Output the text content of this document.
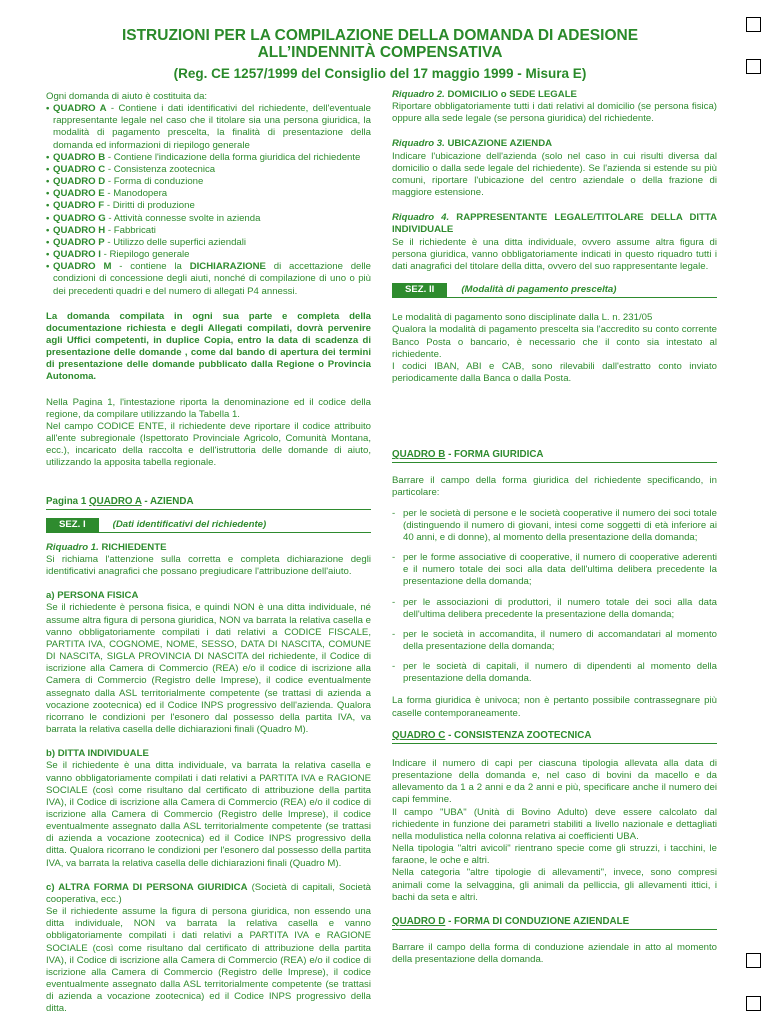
ISTRUZIONI PER LA COMPILAZIONE DELLA DOMANDA DI ADESIONE
ALL’INDENNITÀ COMPENSATIVA
(Reg. CE 1257/1999 del Consiglio del 17 maggio 1999 - Misura E)

Ogni domanda di aiuto è costituita da:

• QUADRO A - Contiene i dati identificativi del richiedente, dell'eventuale rappresentante legale nel caso che il titolare sia una persona giuridica, la modalità di pagamento prescelta, la finalità di presentazione della domanda ed informazioni di riepilogo generale
• QUADRO B - Contiene l'indicazione della forma giuridica del richiedente
• QUADRO C - Consistenza zootecnica
• QUADRO D - Forma di conduzione
• QUADRO E - Manodopera
• QUADRO F - Diritti di produzione
• QUADRO G - Attività connesse svolte in azienda
• QUADRO H - Fabbricati
• QUADRO P - Utilizzo delle superfici aziendali
• QUADRO I - Riepilogo generale
• QUADRO M - contiene la DICHIARAZIONE di accettazione delle condizioni di concessione degli aiuti, nonché di compilazione di uno o più dei precedenti quadri e del numero di allegati P4 annessi.

La domanda compilata in ogni sua parte e completa della documentazione richiesta e degli Allegati compilati, dovrà pervenire agli Uffici competenti, in duplice Copia, entro la data di scadenza di presentazione delle domande , come dal bando di apertura dei termini di presentazione delle domande pubblicato dalla Regione o Provincia Autonoma.

Nella Pagina 1, l'intestazione riporta la denominazione ed il codice della regione, da compilare utilizzando la Tabella 1.

Nel campo CODICE ENTE, il richiedente deve riportare il codice attribuito all'ente subregionale (Ispettorato Provinciale Agricolo, Comunità Montana, ecc.), incaricato della raccolta e dell'istruttoria delle domande di aiuto, utilizzando la apposita tabella regionale.

Pagina 1 QUADRO A - AZIENDA

SEZ. I	(Dati identificativi del richiedente)

Riquadro 1. RICHIEDENTE

Si richiama l'attenzione sulla corretta e completa dichiarazione degli identificativi anagrafici che possano pregiudicare l'attribuzione dell'aiuto.

a) PERSONA FISICA

Se il richiedente è persona fisica, e quindi NON è una ditta individuale, né assume altra figura di persona giuridica, NON va barrata la relativa casella e vanno obbligatoriamente compilati i dati relativi a CODICE FISCALE, PARTITA IVA, COGNOME, NOME, SESSO, DATA DI NASCITA, COMUNE DI NASCITA, SIGLA PROVINCIA DI NASCITA del richiedente, il Codice di iscrizione alla Camera di Commercio (REA) e/o il codice di iscrizione alla Camera di Commercio (Registro delle Imprese), il codice eventualmente assegnato dalla ASL territorialmente competente (se trattasi di azienda a vocazione zootecnica) ed il Codice INPS progressivo dell'azienda. Qualora ricorrano le condizioni per l'esonero dal possesso della partita IVA, va barrata la relativa casella delle dichiarazioni finali (Quadro M).

b) DITTA INDIVIDUALE

Se il richiedente è una ditta individuale, va barrata la relativa casella e vanno obbligatoriamente compilati i dati relativi a PARTITA IVA e RAGIONE SOCIALE (così come risultano dal certificato di attribuzione della partita IVA), il Codice di iscrizione alla Camera di Commercio (REA) e/o il codice di iscrizione alla Camera di Commercio (Registro delle Imprese), il codice eventualmente assegnato dalla ASL territorialmente competente (se trattasi di azienda a vocazione zootecnica) ed il Codice INPS progressivo della ditta. Qualora ricorrano le condizioni per l'esonero dal possesso della partita IVA, va barrata la relativa casella delle dichiarazioni finali (Quadro M).

c) ALTRA FORMA DI PERSONA GIURIDICA (Società di capitali, Società cooperativa, ecc.)

Se il richiedente assume la figura di persona giuridica, non essendo una ditta individuale, NON va barrata la relativa casella e vanno obbligatoriamente compilati i dati relativi a PARTITA IVA e RAGIONE SOCIALE (così come risultano dal certificato di attribuzione della partita IVA), il Codice di iscrizione alla Camera di Commercio (REA) e/o il codice di iscrizione alla Camera di Commercio (Registro delle Imprese), il codice eventualmente assegnato dalla ASL territorialmente competente (se trattasi di azienda a vocazione zootecnica) ed il Codice INPS progressivo della ditta.

Riquadro 2. DOMICILIO o SEDE LEGALE

Riportare obbligatoriamente tutti i dati relativi al domicilio (se persona fisica) oppure alla sede legale (se persona giuridica) del richiedente.

Riquadro 3. UBICAZIONE AZIENDA

Indicare l'ubicazione dell'azienda (solo nel caso in cui risulti diversa dal domicilio o dalla sede legale del richiedente). Se l'azienda si estende su più comuni, riportare l'ubicazione del centro aziendale o della frazione di maggiore estensione.

Riquadro 4. RAPPRESENTANTE LEGALE/TITOLARE DELLA DITTA INDIVIDUALE

Se il richiedente è una ditta individuale, ovvero assume altra figura di persona giuridica, vanno obbligatoriamente indicati in questo riquadro tutti i dati anagrafici del titolare della ditta, ovvero del suo rappresentante legale.

SEZ. II	(Modalità di pagamento prescelta)

Le modalità di pagamento sono disciplinate dalla L. n. 231/05

Qualora la modalità di pagamento prescelta sia l'accredito su conto corrente Banco Posta o bancario, è necessario che il conto sia intestato al richiedente.

I codici IBAN, ABI e CAB, sono rilevabili dall'estratto conto inviato periodicamente dalla Banca o dalla Posta.

QUADRO B - FORMA GIURIDICA

Barrare il campo della forma giuridica del richiedente specificando, in particolare:

- per le società di persone e le società cooperative il numero dei soci totale (distinguendo il numero di giovani, intesi come soggetti di età inferiore ai 40 anni, e di donne), al momento della presentazione della domanda;
- per le forme associative di cooperative, il numero di cooperative aderenti e il numero totale dei soci alla data dell'ultima delibera precedente la presentazione della domanda;
- per le associazioni di produttori, il numero totale dei soci alla data dell'ultima delibera precedente la presentazione della domanda;
- per le società in accomandita, il numero di accomandatari al momento della presentazione della domanda;
- per le società di capitali, il numero di dipendenti al momento della presentazione della domanda.

La forma giuridica è univoca; non è pertanto possibile contrassegnare più caselle contemporaneamente.

QUADRO C - CONSISTENZA ZOOTECNICA

Indicare il numero di capi per ciascuna tipologia allevata alla data di presentazione della domanda e, nel caso di bovini da macello e da allevamento da 1 a 2 anni e da 2 anni e più, specificare anche il numero dei capi femmine.

Il campo "UBA" (Unità di Bovino Adulto) deve essere calcolato dal richiedente in funzione dei parametri stabiliti a livello nazionale e dettagliati nella modulistica nella colonna relativa ai coefficienti UBA.

Nella tipologia "altri avicoli" rientrano specie come gli struzzi, i tacchini, le faraone, le oche e altri.

Nella categoria "altre tipologie di allevamenti", invece, sono compresi animali come la selvaggina, gli animali da pelliccia, gli allevamenti ittici, i bachi da seta e altri.

QUADRO D - FORMA DI CONDUZIONE AZIENDALE

Barrare il campo della forma di conduzione aziendale in atto al momento della presentazione della domanda.
